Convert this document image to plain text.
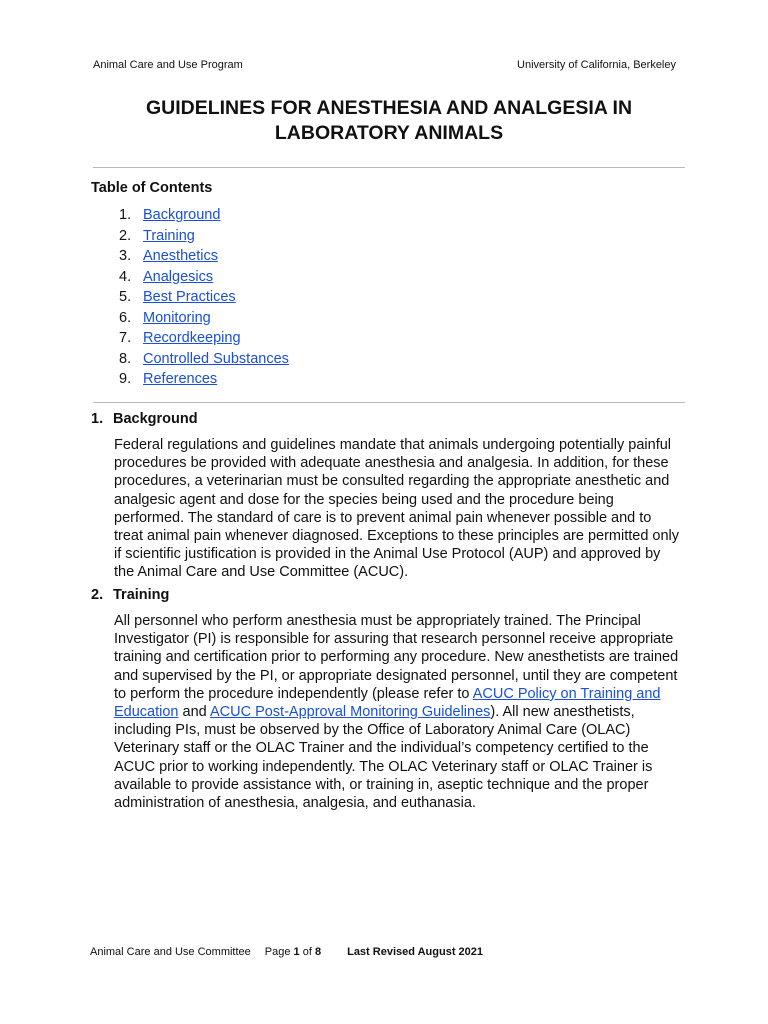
Animal Care and Use Program	University of California, Berkeley
GUIDELINES FOR ANESTHESIA AND ANALGESIA IN
LABORATORY ANIMALS
Table of Contents
1. Background
2. Training
3. Anesthetics
4. Analgesics
5. Best Practices
6. Monitoring
7. Recordkeeping
8. Controlled Substances
9. References
1. Background

Federal regulations and guidelines mandate that animals undergoing potentially painful procedures be provided with adequate anesthesia and analgesia. In addition, for these procedures, a veterinarian must be consulted regarding the appropriate anesthetic and analgesic agent and dose for the species being used and the procedure being performed. The standard of care is to prevent animal pain whenever possible and to treat animal pain whenever diagnosed. Exceptions to these principles are permitted only if scientific justification is provided in the Animal Use Protocol (AUP) and approved by the Animal Care and Use Committee (ACUC).

2. Training

All personnel who perform anesthesia must be appropriately trained. The Principal Investigator (PI) is responsible for assuring that research personnel receive appropriate training and certification prior to performing any procedure. New anesthetists are trained and supervised by the PI, or appropriate designated personnel, until they are competent to perform the procedure independently (please refer to ACUC Policy on Training and Education and ACUC Post-Approval Monitoring Guidelines). All new anesthetists, including PIs, must be observed by the Office of Laboratory Animal Care (OLAC) Veterinary staff or the OLAC Trainer and the individual’s competency certified to the ACUC prior to working independently. The OLAC Veterinary staff or OLAC Trainer is available to provide assistance with, or training in, aseptic technique and the proper administration of anesthesia, analgesia, and euthanasia.

Animal Care and Use Committee Page 1 of 8 Last Revised August 2021
